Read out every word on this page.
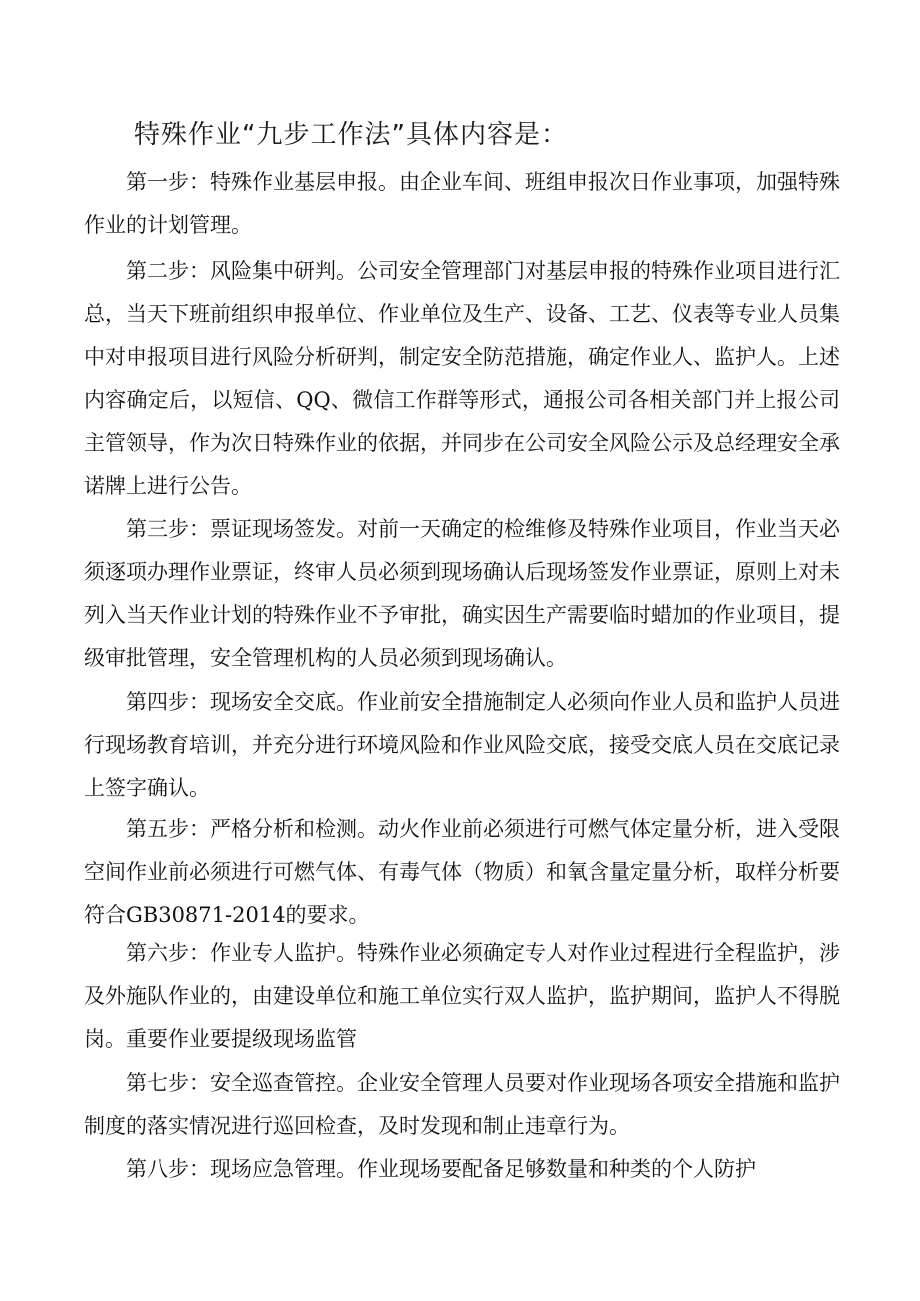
特殊作业“九步工作法”具体内容是：

第一步：特殊作业基层申报。由企业车间、班组申报次日作业事项，加强特殊作业的计划管理。

第二步：风险集中研判。公司安全管理部门对基层申报的特殊作业项目进行汇总，当天下班前组织申报单位、作业单位及生产、设备、工艺、仪表等专业人员集中对申报项目进行风险分析研判，制定安全防范措施，确定作业人、监护人。上述内容确定后，以短信、QQ、微信工作群等形式，通报公司各相关部门并上报公司主管领导，作为次日特殊作业的依据，并同步在公司安全风险公示及总经理安全承诺牌上进行公告。

第三步：票证现场签发。对前一天确定的检维修及特殊作业项目，作业当天必须逐项办理作业票证，终审人员必须到现场确认后现场签发作业票证，原则上对未列入当天作业计划的特殊作业不予审批，确实因生产需要临时蜡加的作业项目，提级审批管理，安全管理机构的人员必须到现场确认。

第四步：现场安全交底。作业前安全措施制定人必须向作业人员和监护人员进行现场教育培训，并充分进行环境风险和作业风险交底，接受交底人员在交底记录上签字确认。

第五步：严格分析和检测。动火作业前必须进行可燃气体定量分析，进入受限空间作业前必须进行可燃气体、有毒气体（物质）和氧含量定量分析，取样分析要符合GB30871-2014的要求。

第六步：作业专人监护。特殊作业必须确定专人对作业过程进行全程监护，涉及外施队作业的，由建设单位和施工单位实行双人监护，监护期间，监护人不得脱岗。重要作业要提级现场监管

第七步：安全巡查管控。企业安全管理人员要对作业现场各项安全措施和监护制度的落实情况进行巡回检查，及时发现和制止违章行为。

第八步：现场应急管理。作业现场要配备足够数量和种类的个人防护
